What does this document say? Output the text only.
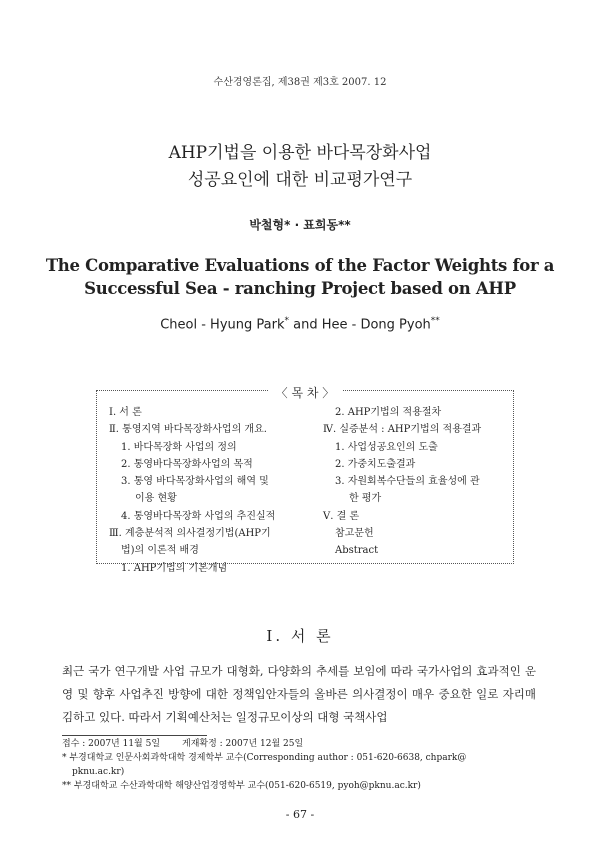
수산경영론집, 제38권 제3호 2007. 12
AHP기법을 이용한 바다목장화사업
성공요인에 대한 비교평가연구
박철형* · 표희동**
The Comparative Evaluations of the Factor Weights for a
Successful Sea - ranching Project based on AHP
Cheol - Hyung Park* and Hee - Dong Pyoh**
〈 목 차 〉
Ⅰ. 서 론
Ⅱ. 통영지역 바다목장화사업의 개요.
1. 바다목장화 사업의 정의
2. 통영바다목장화사업의 목적
3. 통영 바다목장화사업의 해역 및
이용 현황
4. 통영바다목장화 사업의 추진실적
Ⅲ. 계층분석적 의사결정기법(AHP기
법)의 이론적 배경
1. AHP기법의 기본개념
2. AHP기법의 적용절차
Ⅳ. 실증분석 : AHP기법의 적용결과
1. 사업성공요인의 도출
2. 가중치도출결과
3. 자원회복수단들의 효율성에 관
한 평가
Ⅴ. 결 론
참고문헌
Abstract
Ⅰ. 서 론
최근 국가 연구개발 사업 규모가 대형화, 다양화의 추세를 보임에 따라 국가사업의 효과적인 운영 및 향후 사업추진 방향에 대한 정책입안자들의 올바른 의사결정이 매우 중요한 일로 자리매김하고 있다. 따라서 기획예산처는 일정규모이상의 대형 국책사업
접수 : 2007년 11월 5일 게재확정 : 2007년 12월 25일
* 부경대학교 인문사회과학대학 경제학부 교수(Corresponding author : 051-620-6638, chpark@
pknu.ac.kr)
** 부경대학교 수산과학대학 해양산업경영학부 교수(051-620-6519, pyoh@pknu.ac.kr)
- 67 -
